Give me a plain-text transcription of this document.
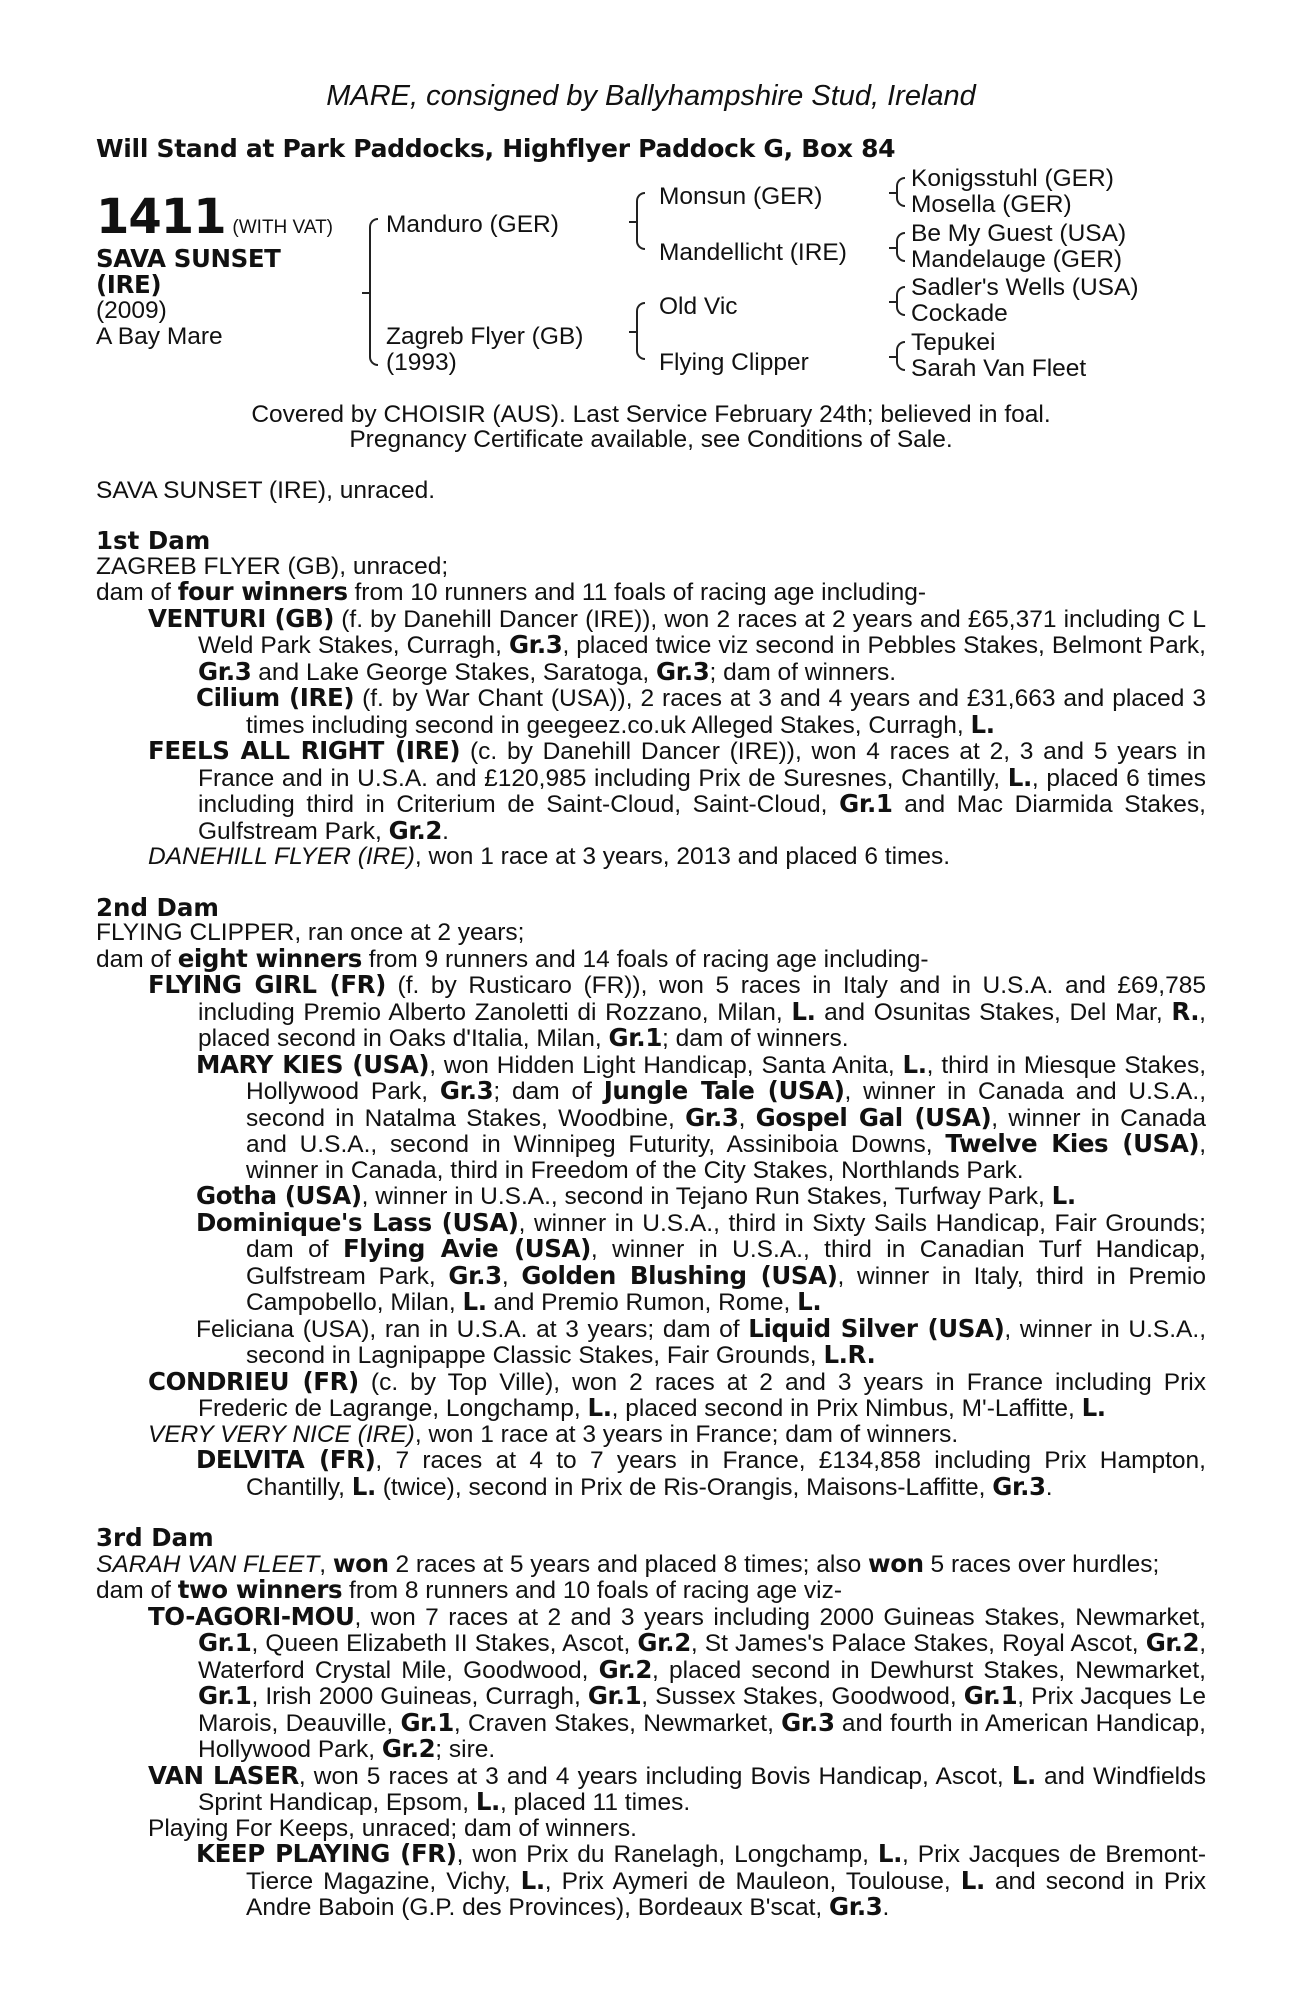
MARE, consigned by Ballyhampshire Stud, Ireland
Will Stand at Park Paddocks, Highflyer Paddock G, Box 84
1411 (WITH VAT)
SAVA SUNSET
(IRE)
(2009)
A Bay Mare
Manduro (GER)
Zagreb Flyer (GB)
(1993)
Monsun (GER)
Mandellicht (IRE)
Old Vic
Flying Clipper
Konigsstuhl (GER)
Mosella (GER)
Be My Guest (USA)
Mandelauge (GER)
Sadler's Wells (USA)
Cockade
Tepukei
Sarah Van Fleet
Covered by CHOISIR (AUS). Last Service February 24th; believed in foal.
Pregnancy Certificate available, see Conditions of Sale.
SAVA SUNSET (IRE), unraced.
1st Dam
ZAGREB FLYER (GB), unraced;
dam of four winners from 10 runners and 11 foals of racing age including-
VENTURI (GB) (f. by Danehill Dancer (IRE)), won 2 races at 2 years and £65,371 including C L Weld Park Stakes, Curragh, Gr.3, placed twice viz second in Pebbles Stakes, Belmont Park, Gr.3 and Lake George Stakes, Saratoga, Gr.3; dam of winners.
Cilium (IRE) (f. by War Chant (USA)), 2 races at 3 and 4 years and £31,663 and placed 3 times including second in geegeez.co.uk Alleged Stakes, Curragh, L.
FEELS ALL RIGHT (IRE) (c. by Danehill Dancer (IRE)), won 4 races at 2, 3 and 5 years in France and in U.S.A. and £120,985 including Prix de Suresnes, Chantilly, L., placed 6 times including third in Criterium de Saint-Cloud, Saint-Cloud, Gr.1 and Mac Diarmida Stakes, Gulfstream Park, Gr.2.
DANEHILL FLYER (IRE), won 1 race at 3 years, 2013 and placed 6 times.
2nd Dam
FLYING CLIPPER, ran once at 2 years;
dam of eight winners from 9 runners and 14 foals of racing age including-
FLYING GIRL (FR) (f. by Rusticaro (FR)), won 5 races in Italy and in U.S.A. and £69,785 including Premio Alberto Zanoletti di Rozzano, Milan, L. and Osunitas Stakes, Del Mar, R., placed second in Oaks d'Italia, Milan, Gr.1; dam of winners.
MARY KIES (USA), won Hidden Light Handicap, Santa Anita, L., third in Miesque Stakes, Hollywood Park, Gr.3; dam of Jungle Tale (USA), winner in Canada and U.S.A., second in Natalma Stakes, Woodbine, Gr.3, Gospel Gal (USA), winner in Canada and U.S.A., second in Winnipeg Futurity, Assiniboia Downs, Twelve Kies (USA), winner in Canada, third in Freedom of the City Stakes, Northlands Park.
Gotha (USA), winner in U.S.A., second in Tejano Run Stakes, Turfway Park, L.
Dominique's Lass (USA), winner in U.S.A., third in Sixty Sails Handicap, Fair Grounds; dam of Flying Avie (USA), winner in U.S.A., third in Canadian Turf Handicap, Gulfstream Park, Gr.3, Golden Blushing (USA), winner in Italy, third in Premio Campobello, Milan, L. and Premio Rumon, Rome, L.
Feliciana (USA), ran in U.S.A. at 3 years; dam of Liquid Silver (USA), winner in U.S.A., second in Lagnipappe Classic Stakes, Fair Grounds, L.R.
CONDRIEU (FR) (c. by Top Ville), won 2 races at 2 and 3 years in France including Prix Frederic de Lagrange, Longchamp, L., placed second in Prix Nimbus, M'-Laffitte, L.
VERY VERY NICE (IRE), won 1 race at 3 years in France; dam of winners.
DELVITA (FR), 7 races at 4 to 7 years in France, £134,858 including Prix Hampton, Chantilly, L. (twice), second in Prix de Ris-Orangis, Maisons-Laffitte, Gr.3.
3rd Dam
SARAH VAN FLEET, won 2 races at 5 years and placed 8 times; also won 5 races over hurdles;
dam of two winners from 8 runners and 10 foals of racing age viz-
TO-AGORI-MOU, won 7 races at 2 and 3 years including 2000 Guineas Stakes, Newmarket, Gr.1, Queen Elizabeth II Stakes, Ascot, Gr.2, St James's Palace Stakes, Royal Ascot, Gr.2, Waterford Crystal Mile, Goodwood, Gr.2, placed second in Dewhurst Stakes, Newmarket, Gr.1, Irish 2000 Guineas, Curragh, Gr.1, Sussex Stakes, Goodwood, Gr.1, Prix Jacques Le Marois, Deauville, Gr.1, Craven Stakes, Newmarket, Gr.3 and fourth in American Handicap, Hollywood Park, Gr.2; sire.
VAN LASER, won 5 races at 3 and 4 years including Bovis Handicap, Ascot, L. and Windfields Sprint Handicap, Epsom, L., placed 11 times.
Playing For Keeps, unraced; dam of winners.
KEEP PLAYING (FR), won Prix du Ranelagh, Longchamp, L., Prix Jacques de Bremont-Tierce Magazine, Vichy, L., Prix Aymeri de Mauleon, Toulouse, L. and second in Prix Andre Baboin (G.P. des Provinces), Bordeaux B'scat, Gr.3.
